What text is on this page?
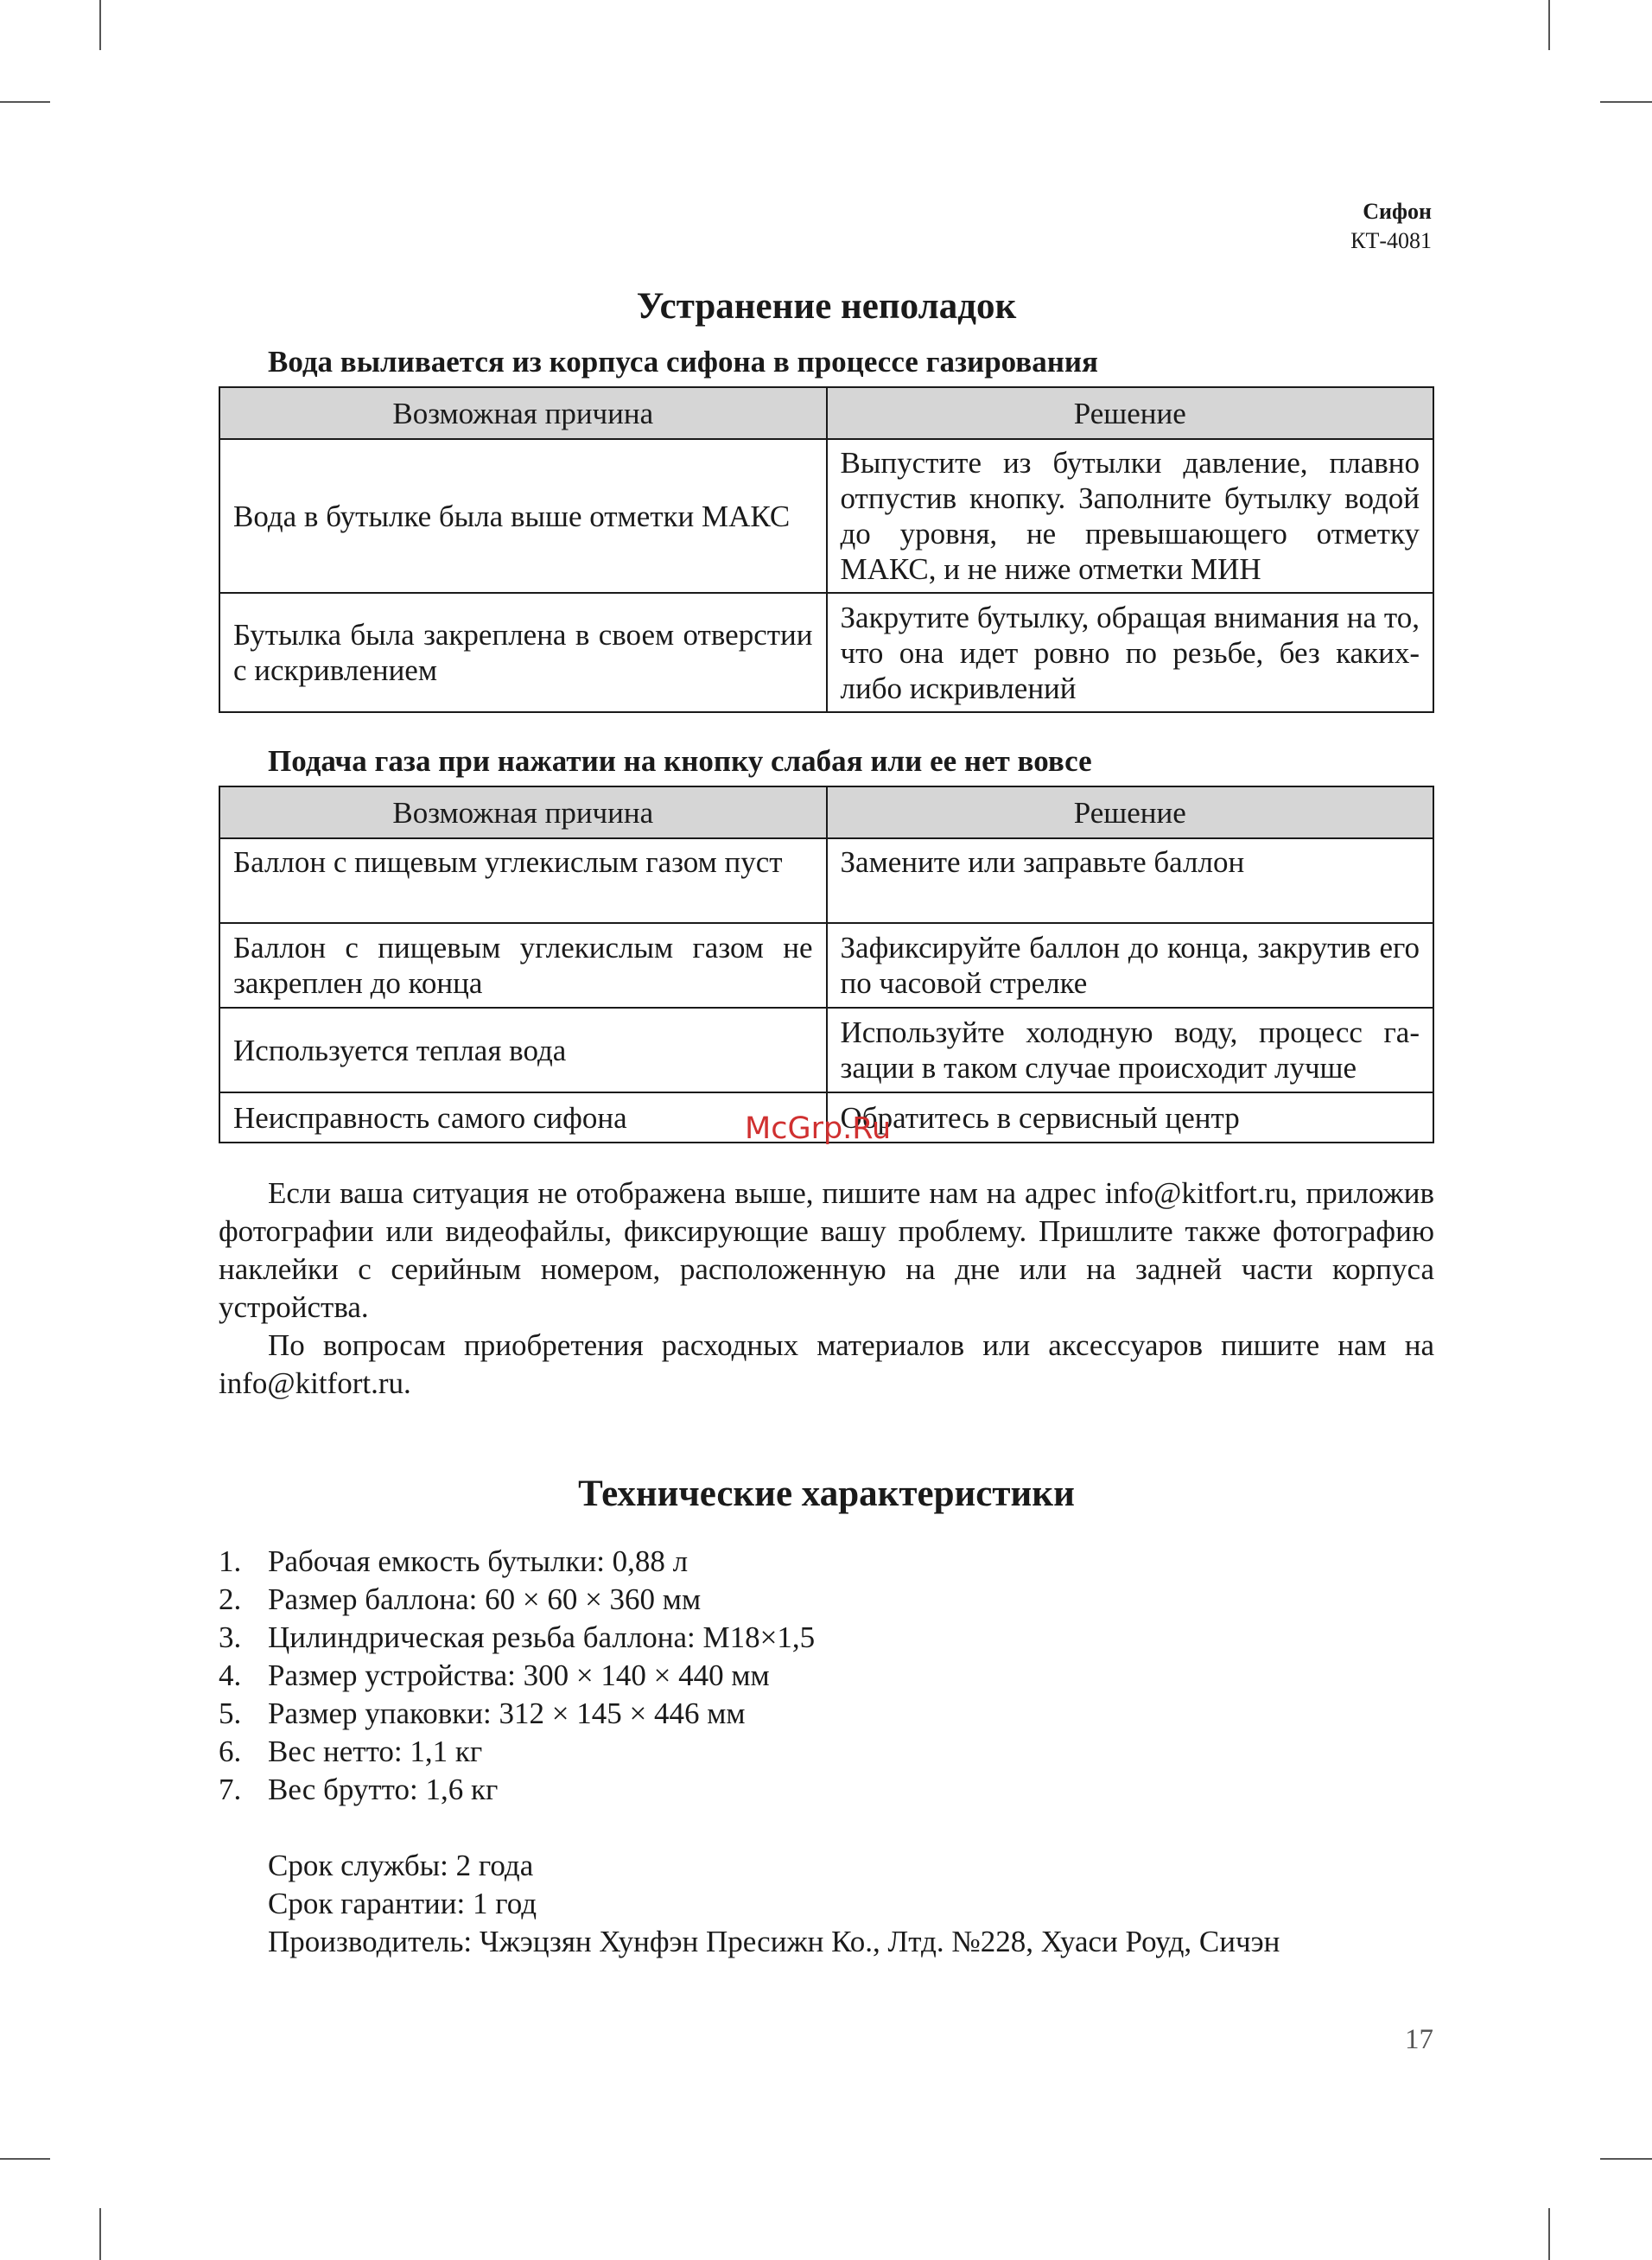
Сифон
КТ-4081
Устранение неполадок
Вода выливается из корпуса сифона в процессе газирования
Возможная причина	Решение
Вода в бутылке была выше отметки МАКС	Выпустите из бутылки давление, плавно отпустив кнопку. Заполните бутылку водой до уровня, не превышающего отметку МАКС, и не ниже отметки МИН
Бутылка была закреплена в своем отверстии с искривлением	Закрутите бутылку, обращая внимания на то, что она идет ровно по резьбе, без каких-либо искривлений
Подача газа при нажатии на кнопку слабая или ее нет вовсе
Возможная причина	Решение
Баллон с пищевым углекислым газом пуст	Замените или заправьте баллон
Баллон с пищевым углекислым газом не закреплен до конца	Зафиксируйте баллон до конца, закрутив его по часовой стрелке
Используется теплая вода	Используйте холодную воду, процесс газации в таком случае происходит лучше
Неисправность самого сифона	Обратитесь в сервисный центр

Если ваша ситуация не отображена выше, пишите нам на адрес info@kitfort.ru, приложив фотографии или видеофайлы, фиксирующие вашу проблему. Пришлите также фотографию наклейки с серийным номером, расположенную на дне или на задней части корпуса устройства.

По вопросам приобретения расходных материалов или аксессуаров пишите нам на info@kitfort.ru.

Технические характеристики
1. Рабочая емкость бутылки: 0,88 л
2. Размер баллона: 60 × 60 × 360 мм
3. Цилиндрическая резьба баллона: M18×1,5
4. Размер устройства: 300 × 140 × 440 мм
5. Размер упаковки: 312 × 145 × 446 мм
6. Вес нетто: 1,1 кг
7. Вес брутто: 1,6 кг
Срок службы: 2 года
Срок гарантии: 1 год
Производитель: Чжэцзян Хунфэн Пресижн Ко., Лтд. №228, Хуаси Роуд, Сичэн
McGrp.Ru
17
